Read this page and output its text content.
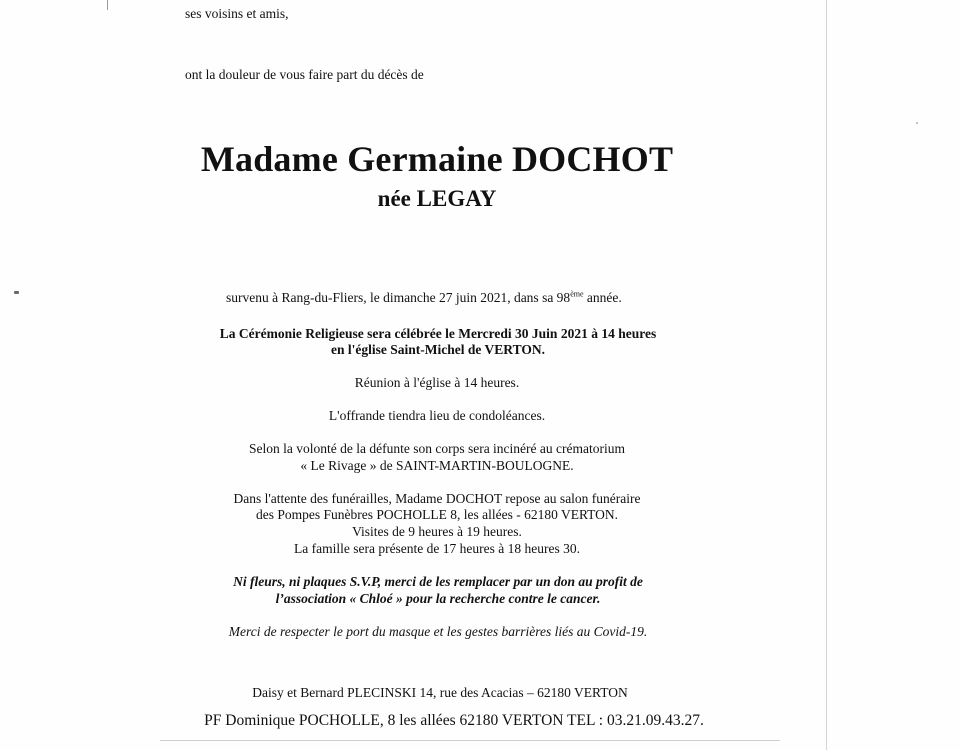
ses voisins et amis,
ont la douleur de vous faire part du décès de
Madame Germaine DOCHOT
née LEGAY
survenu à Rang-du-Fliers, le dimanche 27 juin 2021, dans sa 98ème année.
La Cérémonie Religieuse sera célébrée le Mercredi 30 Juin 2021 à 14 heures
en l'église Saint-Michel de VERTON.
Réunion à l'église à 14 heures.
L'offrande tiendra lieu de condoléances.
Selon la volonté de la défunte son corps sera incinéré au crématorium
« Le Rivage » de SAINT-MARTIN-BOULOGNE.
Dans l'attente des funérailles, Madame DOCHOT repose au salon funéraire
des Pompes Funèbres POCHOLLE 8, les allées - 62180 VERTON.
Visites de 9 heures à 19 heures.
La famille sera présente de 17 heures à 18 heures 30.
Ni fleurs, ni plaques S.V.P, merci de les remplacer par un don au profit de
l’association « Chloé » pour la recherche contre le cancer.
Merci de respecter le port du masque et les gestes barrières liés au Covid-19.
Daisy et Bernard PLECINSKI 14, rue des Acacias – 62180 VERTON
PF Dominique POCHOLLE, 8 les allées 62180 VERTON TEL : 03.21.09.43.27.
